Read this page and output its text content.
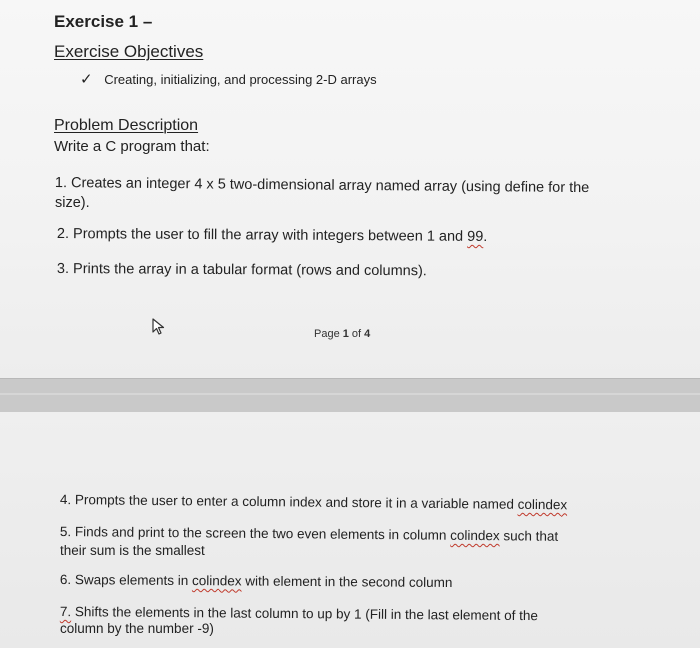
Exercise 1 –
Exercise Objectives
✓ Creating, initializing, and processing 2-D arrays
Problem Description
Write a C program that:
1. Creates an integer 4 x 5 two-dimensional array named array (using define for the
size).
2. Prompts the user to fill the array with integers between 1 and 99.
3. Prints the array in a tabular format (rows and columns).
Page 1 of 4
4. Prompts the user to enter a column index and store it in a variable named colindex
5. Finds and print to the screen the two even elements in column colindex such that
their sum is the smallest
6. Swaps elements in colindex with element in the second column
7. Shifts the elements in the last column to up by 1 (Fill in the last element of the
column by the number -9)
